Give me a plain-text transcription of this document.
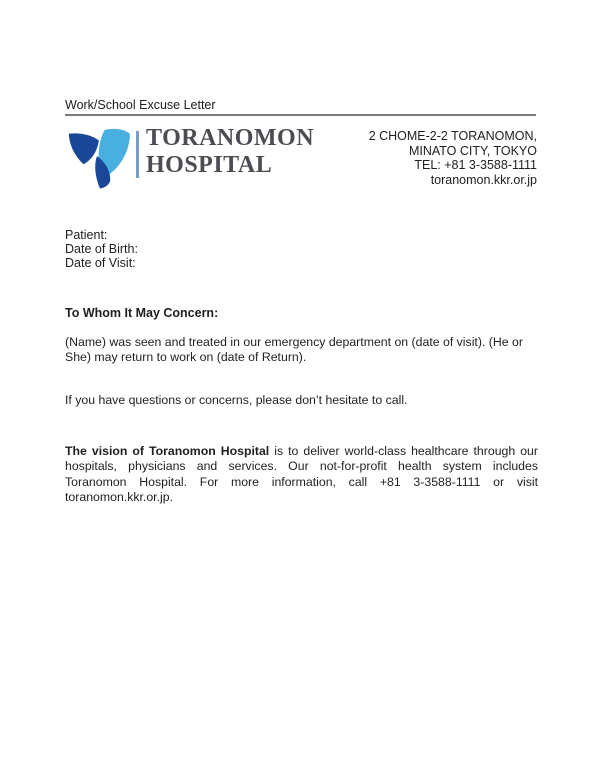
Work/School Excuse Letter
TORANOMON
HOSPITAL
2 CHOME-2-2 TORANOMON,
MINATO CITY, TOKYO
TEL: +81 3-3588-1111
toranomon.kkr.or.jp
Patient:
Date of Birth:
Date of Visit:
To Whom It May Concern:
(Name) was seen and treated in our emergency department on (date of visit). (He or She) may return to work on (date of Return).
If you have questions or concerns, please don’t hesitate to call.
The vision of Toranomon Hospital is to deliver world-class healthcare through our hospitals, physicians and services. Our not-for-profit health system includes Toranomon Hospital. For more information, call +81 3-3588-1111 or visit toranomon.kkr.or.jp.
